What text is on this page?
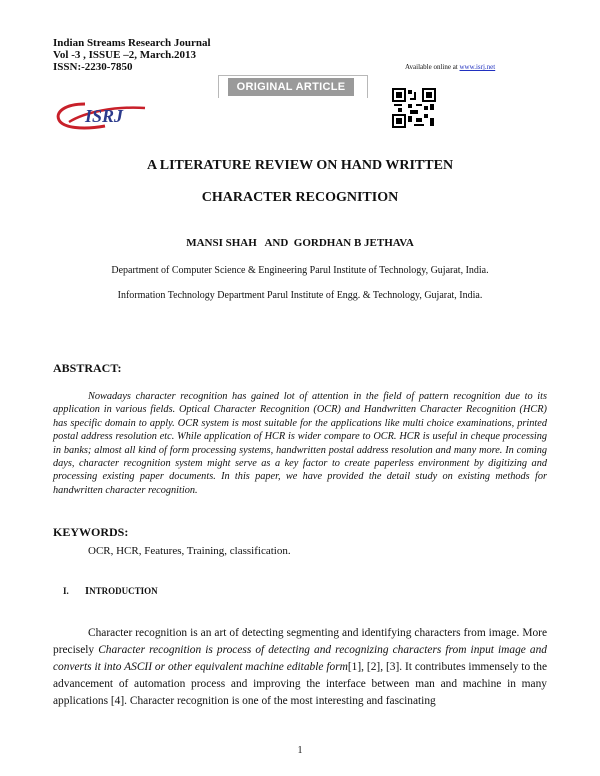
Indian Streams Research Journal
Vol -3 , ISSUE –2, March.2013
ISSN:-2230-7850	Available online at www.isrj.net
ORIGINAL ARTICLE
ISRJ
A LITERATURE REVIEW ON HAND WRITTEN
CHARACTER RECOGNITION
MANSI SHAH   AND  GORDHAN B JETHAVA
Department of Computer Science & Engineering Parul Institute of Technology, Gujarat, India.
Information Technology Department Parul Institute of Engg. & Technology, Gujarat, India.
ABSTRACT:
Nowadays character recognition has gained lot of attention in the field of pattern recognition due to its application in various fields. Optical Character Recognition (OCR) and Handwritten Character Recognition (HCR) has specific domain to apply. OCR system is most suitable for the applications like multi choice examinations, printed postal address resolution etc. While application of HCR is wider compare to OCR. HCR is useful in cheque processing in banks; almost all kind of form processing systems, handwritten postal address resolution and many more. In coming days, character recognition system might serve as a key factor to create paperless environment by digitizing and processing existing paper documents. In this paper, we have provided the detail study on existing methods for handwritten character recognition.
KEYWORDS:
OCR, HCR, Features, Training, classification.
I. INTRODUCTION
Character recognition is an art of detecting segmenting and identifying characters from image. More precisely Character recognition is process of detecting and recognizing characters from input image and converts it into ASCII or other equivalent machine editable form[1], [2], [3]. It contributes immensely to the advancement of automation process and improving the interface between man and machine in many applications [4]. Character recognition is one of the most interesting and fascinating
1
